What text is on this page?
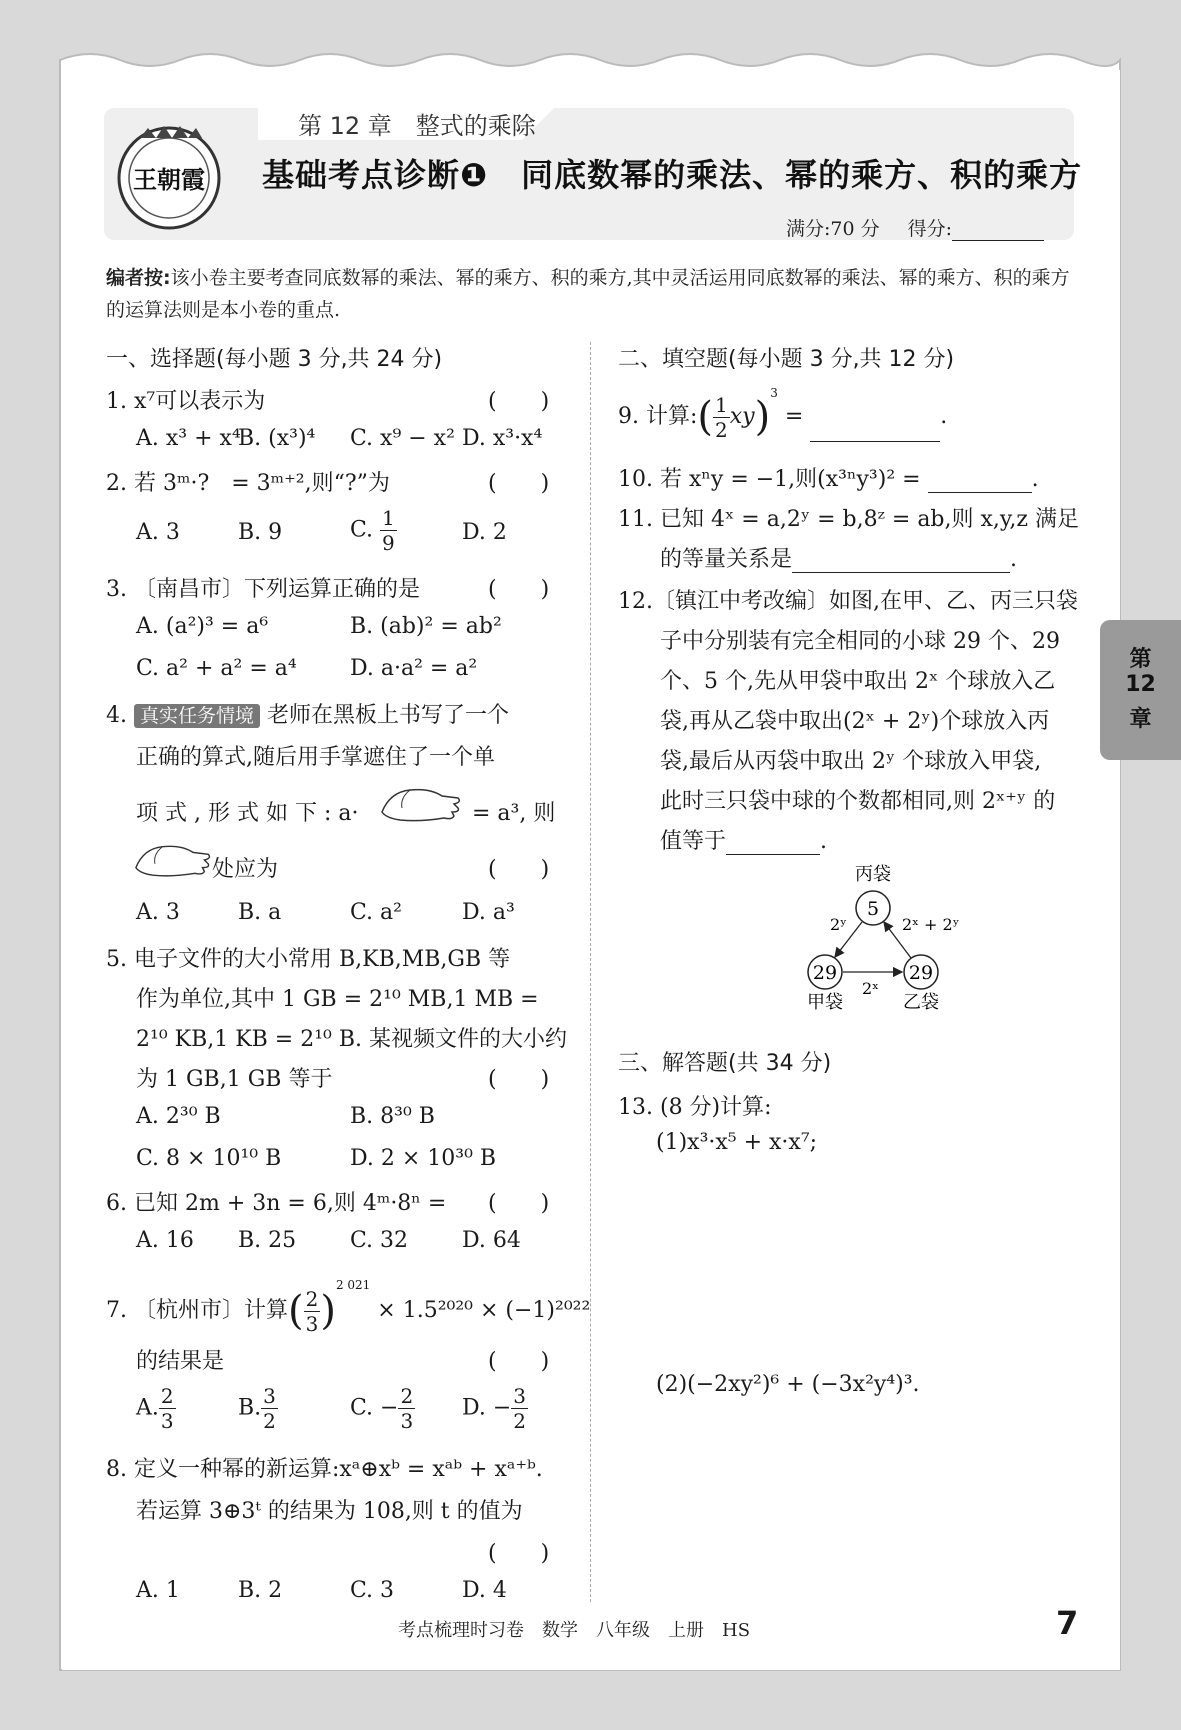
第 12 章　整式的乘除
王朝霞 基础考点诊断❶　同底数幂的乘法、幂的乘方、积的乘方
满分:70 分 得分:
编者按:该小卷主要考查同底数幂的乘法、幂的乘方、积的乘方,其中灵活运用同底数幂的乘法、幂的乘方、积的乘方的运算法则是本小卷的重点.
一、选择题(每小题 3 分,共 24 分)
1. x⁷可以表示为	(　　)
A. x³ + x⁴
B. (x³)⁴ C. x⁹ − x² D. x³·x⁴
2. 若 3ᵐ·?　= 3ᵐ⁺²,则“?”为	(　　)
A. 3	B. 9	C. $\frac{1}{9}$	D. 2
3. 〔南昌市〕下列运算正确的是	(　　)
A. (a²)³ = a⁶	B. (ab)² = ab²
C. a² + a² = a⁴ D. a·a² = a²
4. 真实任务情境 老师在黑板上书写了一个
正确的算式,随后用手掌遮住了一个单
项 式 , 形 式 如 下 : a·	= a³, 则
处应为	(　　)
A. 3	B. a	C. a²	D. a³
5. 电子文件的大小常用 B,KB,MB,GB 等
作为单位,其中 1 GB = 2¹⁰ MB,1 MB =
2¹⁰ KB,1 KB = 2¹⁰ B. 某视频文件的大小约
为 1 GB,1 GB 等于	(　　)
A. 2³⁰ B	B. 8³⁰ B
C. 8 × 10¹⁰ B	D. 2 × 10³⁰ B
6. 已知 2m + 3n = 6,则 4ᵐ·8ⁿ = (　　)
A. 16 B. 25 C. 32 D. 64
7. 〔杭州市〕计算( $\frac{2}{3} )^{2 021} \times 1.5^{2020} \times (-1)^{2022}$
的结果是	(　　)
A. $\frac{2}{3}$	B. $\frac{3}{2}$	C. − $\frac{2}{3} D$. − $\frac{3}{2}$
8. 定义一种幂的新运算:xᵃ⊕xᵇ = xᵃᵇ + xᵃ⁺ᵇ.
若运算 3⊕3ᵗ 的结果为 108,则 t 的值为
(　　)
A. 1	B. 2	C. 3	D. 4
二、填空题(每小题 3 分,共 12 分)
9. 计算:( $\frac{1}{2} xy)^3$ =	.
10. 若 xⁿy = −1,则(x³ⁿy³)² =	.
11. 已知 4ˣ = a,2ʸ = b,8ᶻ = ab,则 x,y,z 满足
的等量关系是	.
12.〔镇江中考改编〕如图,在甲、乙、丙三只袋
子中分别装有完全相同的小球 29 个、29
个、5 个,先从甲袋中取出 2ˣ 个球放入乙
袋,再从乙袋中取出(2ˣ + 2ʸ)个球放入丙
袋,最后从丙袋中取出 2ʸ 个球放入甲袋,
此时三只袋中球的个数都相同,则 2ˣ⁺ʸ 的
值等于	.
丙袋
5
29
甲袋
29
乙袋
2ʸ	2ˣ + 2ʸ
2ˣ
三、解答题(共 34 分)
13. (8 分)计算:
(1)x³·x⁵ + x·x⁷;
(2)(−2xy²)⁶ + (−3x²y⁴)³.
第
12
章
考点梳理时习卷　数学　八年级　上册　HS	7
